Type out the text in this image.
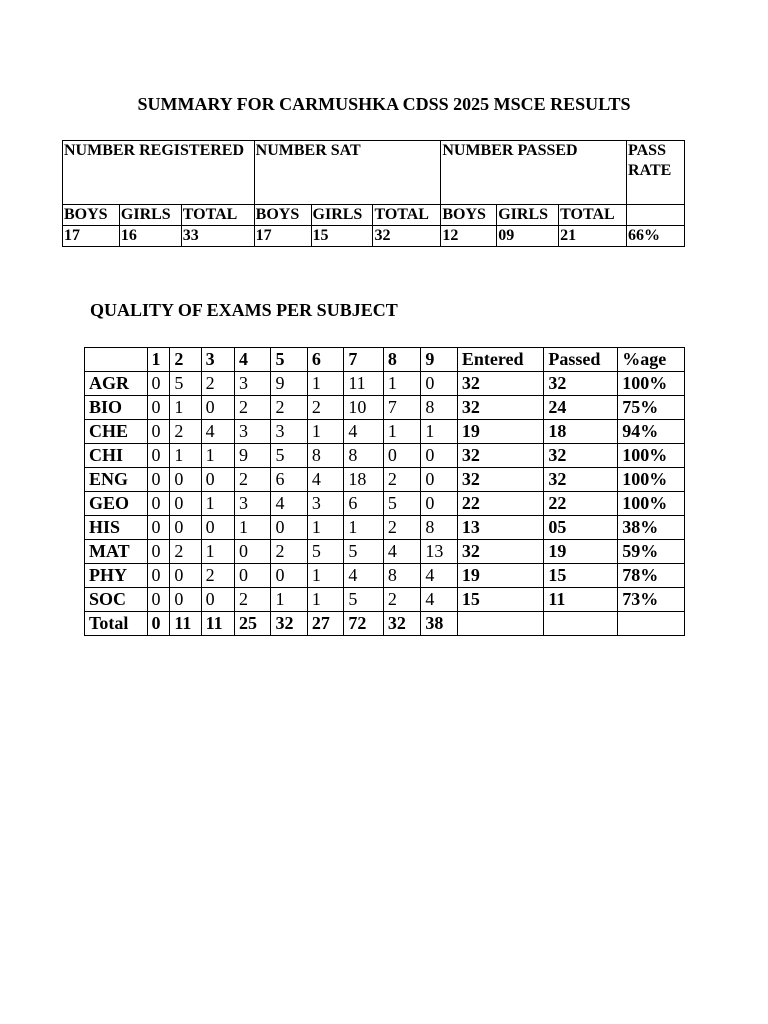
SUMMARY FOR CARMUSHKA CDSS 2025 MSCE RESULTS
NUMBER REGISTERED			NUMBER SAT			NUMBER PASSED			PASS RATE
BOYS	GIRLS	TOTAL	BOYS	GIRLS	TOTAL	BOYS	GIRLS	TOTAL	
17	16	33	17	15	32	12	09	21	66%
QUALITY OF EXAMS PER SUBJECT
	1	2	3	4	5	6	7	8	9	Entered	Passed	%age
AGR	0	5	2	3	9	1	11	1	0	32	32	100%
BIO	0	1	0	2	2	2	10	7	8	32	24	75%
CHE	0	2	4	3	3	1	4	1	1	19	18	94%
CHI	0	1	1	9	5	8	8	0	0	32	32	100%
ENG	0	0	0	2	6	4	18	2	0	32	32	100%
GEO	0	0	1	3	4	3	6	5	0	22	22	100%
HIS	0	0	0	1	0	1	1	2	8	13	05	38%
MAT	0	2	1	0	2	5	5	4	13	32	19	59%
PHY	0	0	2	0	0	1	4	8	4	19	15	78%
SOC	0	0	0	2	1	1	5	2	4	15	11	73%
Total	0	11	11	25	32	27	72	32	38			
